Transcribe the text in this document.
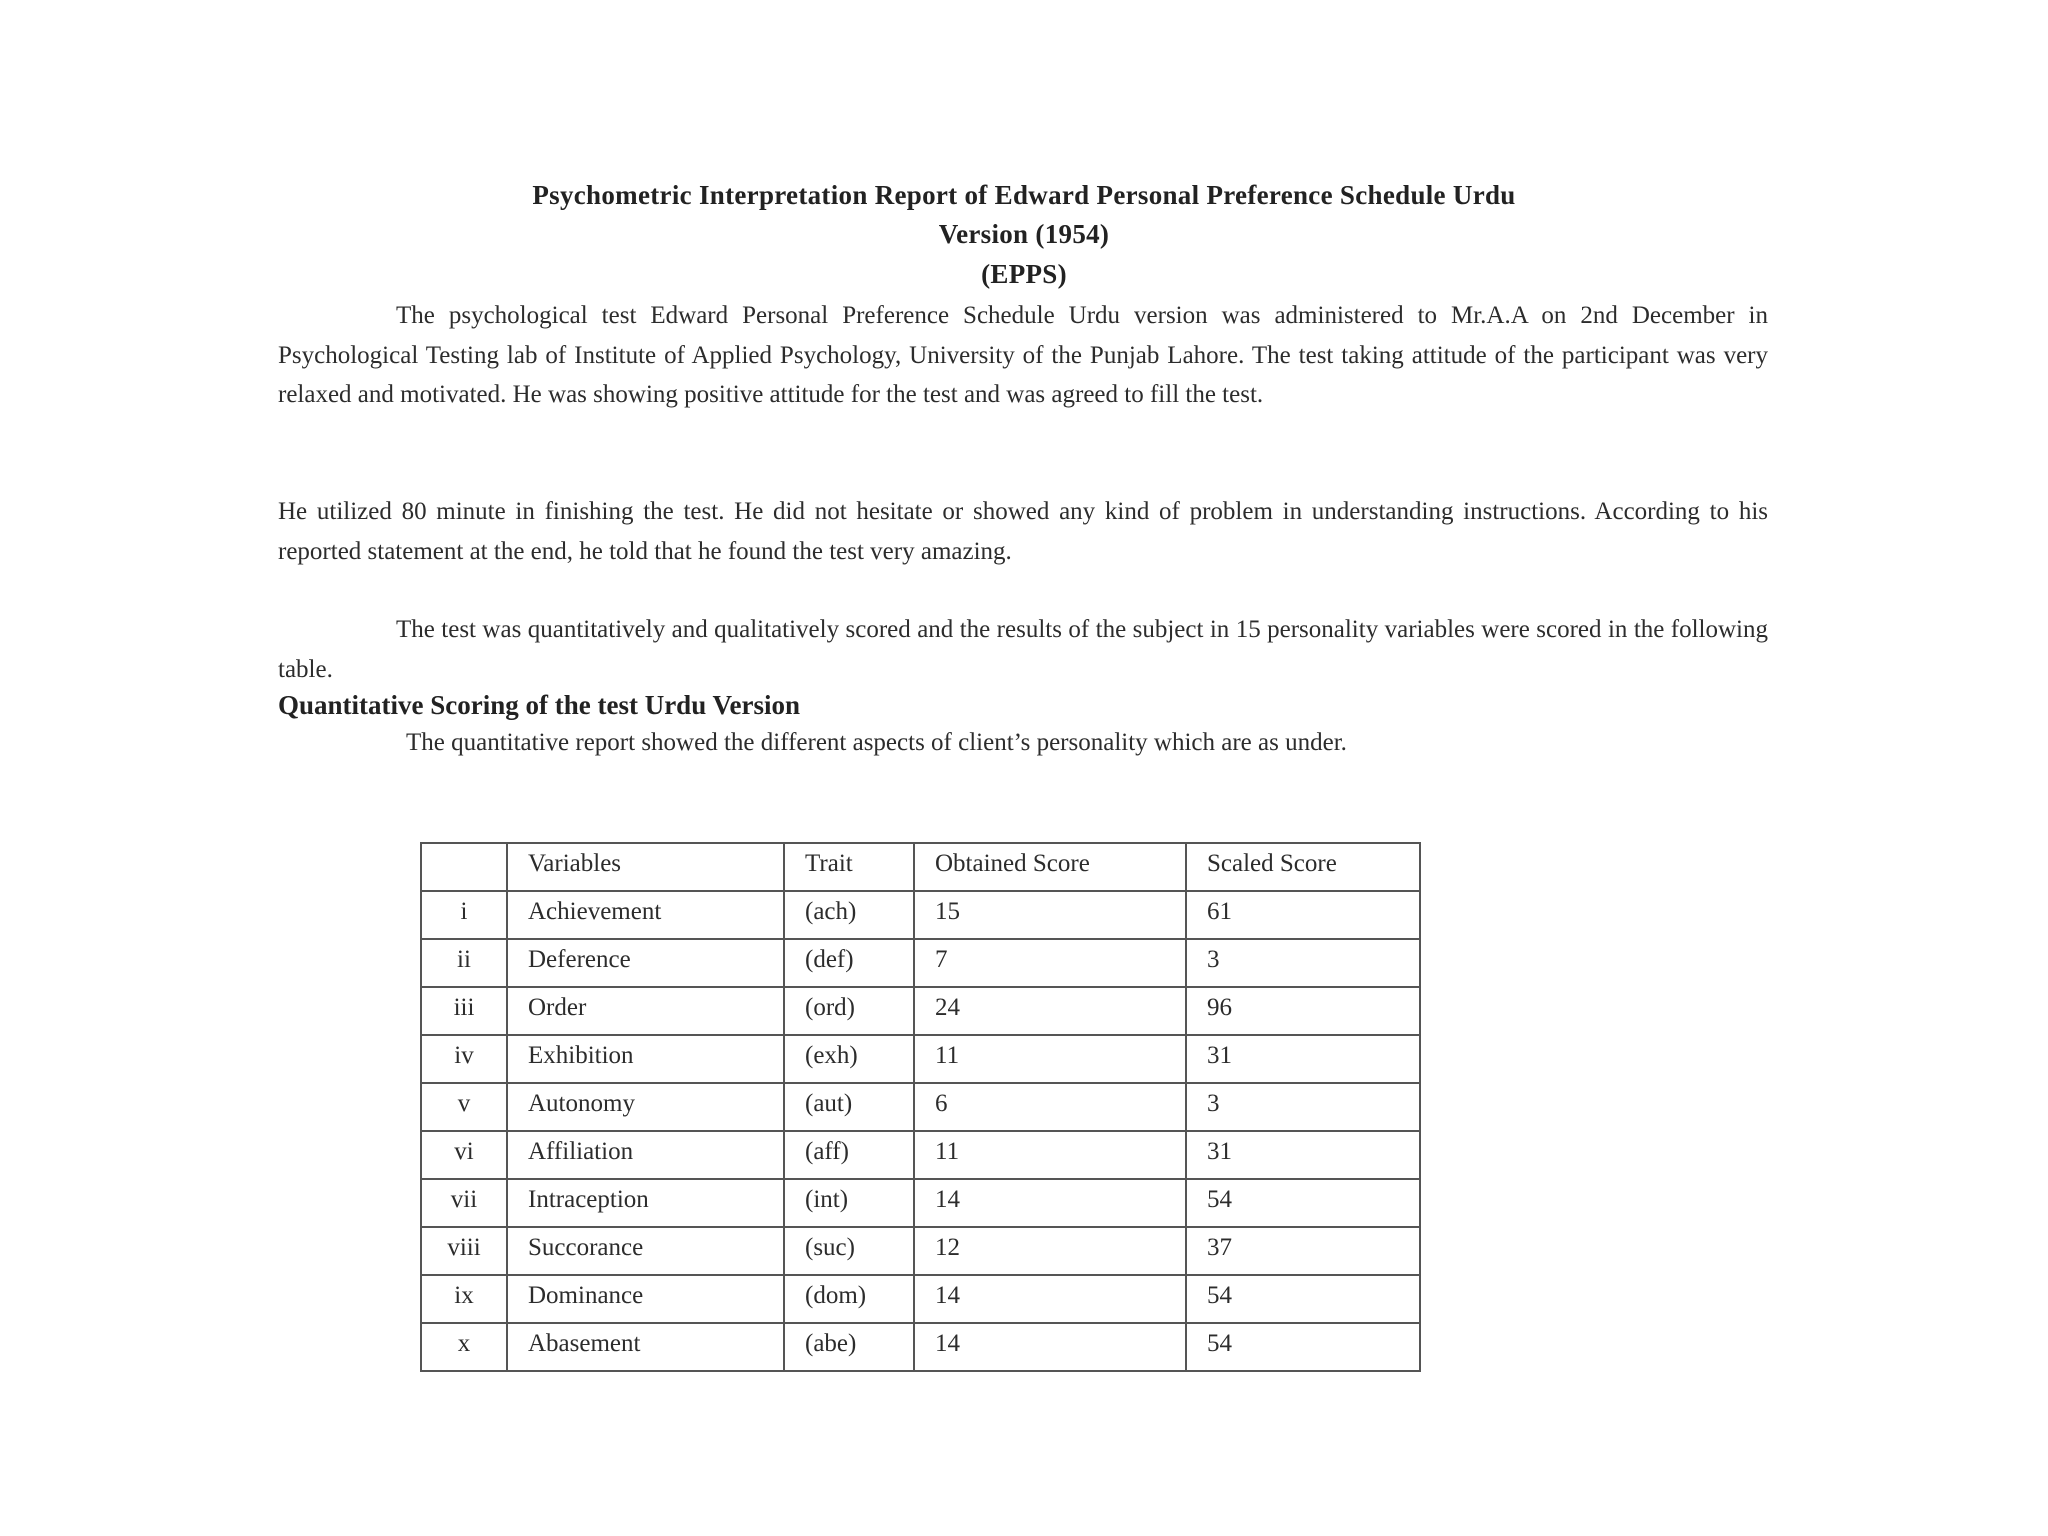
Psychometric Interpretation Report of Edward Personal Preference Schedule Urdu
Version (1954)
(EPPS)
The psychological test Edward Personal Preference Schedule Urdu version was administered to Mr.A.A on 2nd December in Psychological Testing lab of Institute of Applied Psychology, University of the Punjab Lahore. The test taking attitude of the participant was very relaxed and motivated. He was showing positive attitude for the test and was agreed to fill the test.
He utilized 80 minute in finishing the test. He did not hesitate or showed any kind of problem in understanding instructions. According to his reported statement at the end, he told that he found the test very amazing.
The test was quantitatively and qualitatively scored and the results of the subject in 15 personality variables were scored in the following table.
Quantitative Scoring of the test Urdu Version
The quantitative report showed the different aspects of client’s personality which are as under.
	Variables	Trait	Obtained Score	Scaled Score
i	Achievement	(ach)	15	61
ii	Deference	(def)	7	3
iii	Order	(ord)	24	96
iv	Exhibition	(exh)	11	31
v	Autonomy	(aut)	6	3
vi	Affiliation	(aff)	11	31
vii	Intraception	(int)	14	54
viii	Succorance	(suc)	12	37
ix	Dominance	(dom)	14	54
x	Abasement	(abe)	14	54
